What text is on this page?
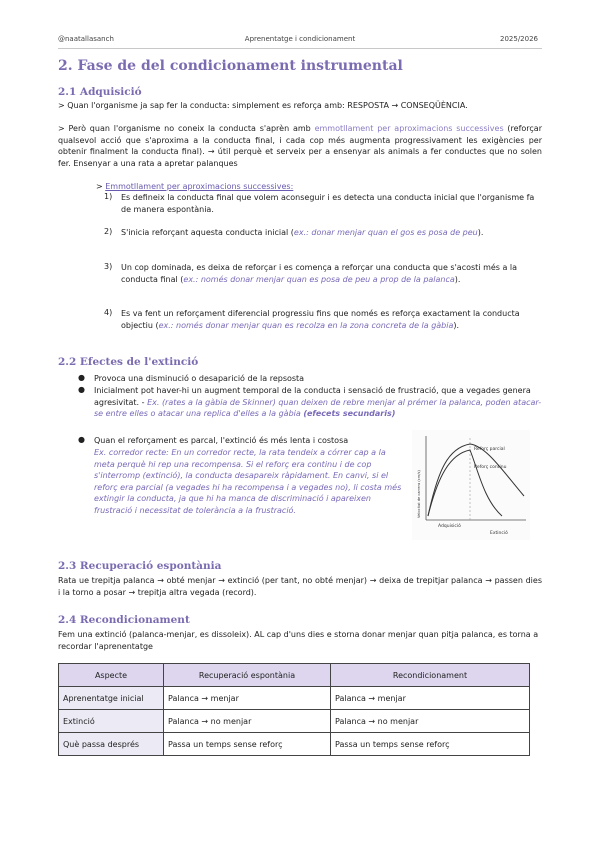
@naatallasanch	Aprenentatge i condicionament	2025/2026
2. Fase de del condicionament instrumental
2.1 Adquisició
> Quan l'organisme ja sap fer la conducta: simplement es reforça amb: RESPOSTA → CONSEQÜÈNCIA.
> Però quan l'organisme no coneix la conducta s'aprèn amb emmotllament per aproximacions successives (reforçar qualsevol acció que s'aproxima a la conducta final, i cada cop més augmenta progressivament les exigències per obtenir finalment la conducta final). → útil perquè et serveix per a ensenyar als animals a fer conductes que no solen fer. Ensenyar a una rata a apretar palanques
> Emmotllament per aproximacions successives:
1) Es defineix la conducta final que volem aconseguir i es detecta una conducta inicial que l'organisme fa de manera espontània.
2) S'inicia reforçant aquesta conducta inicial (ex.: donar menjar quan el gos es posa de peu).
3) Un cop dominada, es deixa de reforçar i es comença a reforçar una conducta que s'acosti més a la conducta final (ex.: només donar menjar quan es posa de peu a prop de la palanca).
4) Es va fent un reforçament diferencial progressiu fins que només es reforça exactament la conducta objectiu (ex.: només donar menjar quan es recolza en la zona concreta de la gàbia).
2.2 Efectes de l'extinció
● Provoca una disminució o desaparició de la repsosta
● Inicialment pot haver-hi un augment temporal de la conducta i sensació de frustració, que a vegades genera agresivitat. - Ex. (rates a la gàbia de Skinner) quan deixen de rebre menjar al prémer la palanca, poden atacar-se entre elles o atacar una replica d'elles a la gàbia (efecets secundaris)
● Quan el reforçament es parcal, l'extinció és més lenta i costosa
Ex. corredor recte: En un corredor recte, la rata tendeix a córrer cap a la meta perquè hi rep una recompensa. Si el reforç era continu i de cop s'interromp (extinció), la conducta desapareix ràpidament. En canvi, si el reforç era parcial (a vegades hi ha recompensa i a vegades no), li costa més extingir la conducta, ja que hi ha manca de discriminació i apareixen frustració i necessitat de tolerància a la frustració.
Reforç parcial
Reforç continu
Adquisició
Extinció
Velocitat de carrera (cm/s)
2.3 Recuperació espontània
Rata ue trepitja palanca → obté menjar → extinció (per tant, no obté menjar) → deixa de trepitjar palanca → passen dies i la torno a posar → trepitja altra vegada (record).
2.4 Recondicionament
Fem una extinció (palanca-menjar, es dissoleix). AL cap d'uns dies e storna donar menjar quan pitja palanca, es torna a recordar l'aprenentatge
Aspecte	Recuperació espontània	Recondicionament
Aprenentatge inicial	Palanca → menjar	Palanca → menjar
Extinció	Palanca → no menjar	Palanca → no menjar
Què passa després	Passa un temps sense reforç	Passa un temps sense reforç
